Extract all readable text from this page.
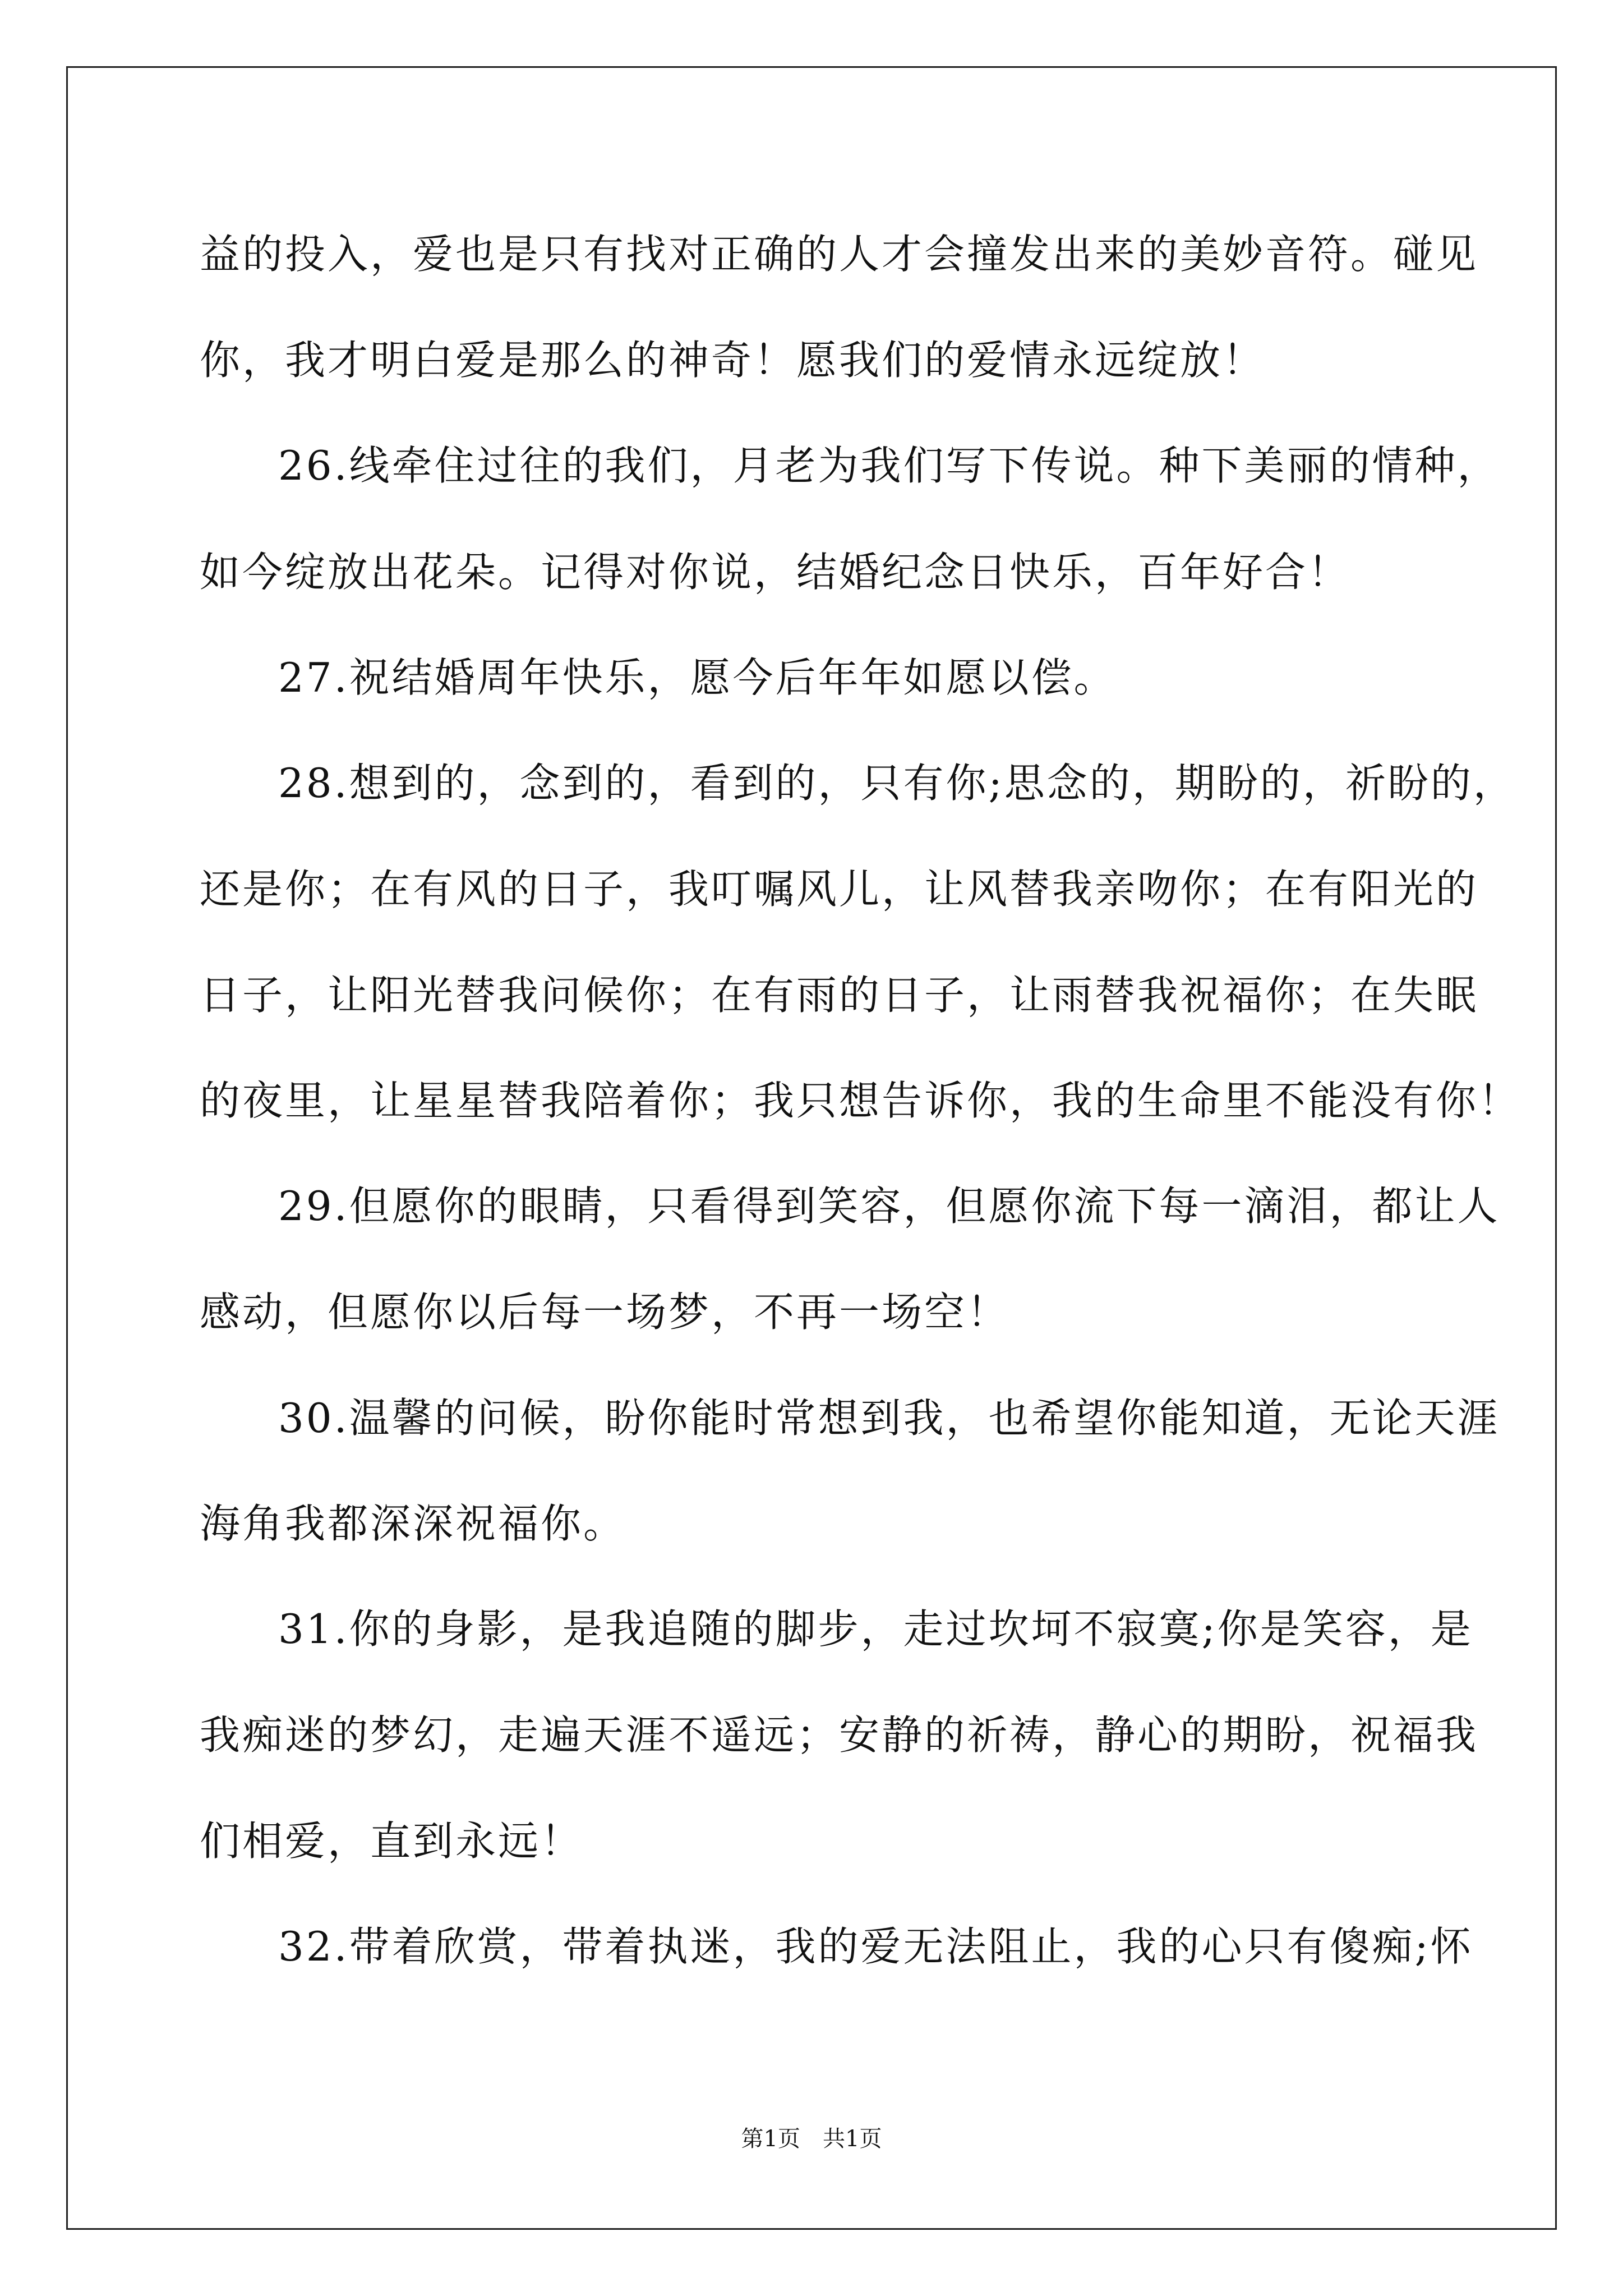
益的投入，爱也是只有找对正确的人才会撞发出来的美妙音符。碰见
你，我才明白爱是那么的神奇！愿我们的爱情永远绽放！
26.线牵住过往的我们，月老为我们写下传说。种下美丽的情种，
如今绽放出花朵。记得对你说，结婚纪念日快乐，百年好合！
27.祝结婚周年快乐，愿今后年年如愿以偿。
28.想到的，念到的，看到的，只有你;思念的，期盼的，祈盼的，
还是你；在有风的日子，我叮嘱风儿，让风替我亲吻你；在有阳光的
日子，让阳光替我问候你；在有雨的日子，让雨替我祝福你；在失眠
的夜里，让星星替我陪着你；我只想告诉你，我的生命里不能没有你！
29.但愿你的眼睛，只看得到笑容，但愿你流下每一滴泪，都让人
感动，但愿你以后每一场梦，不再一场空！
30.温馨的问候，盼你能时常想到我，也希望你能知道，无论天涯
海角我都深深祝福你。
31.你的身影，是我追随的脚步，走过坎坷不寂寞;你是笑容，是
我痴迷的梦幻，走遍天涯不遥远；安静的祈祷，静心的期盼，祝福我
们相爱，直到永远！
32.带着欣赏，带着执迷，我的爱无法阻止，我的心只有傻痴;怀
第1页　共1页
